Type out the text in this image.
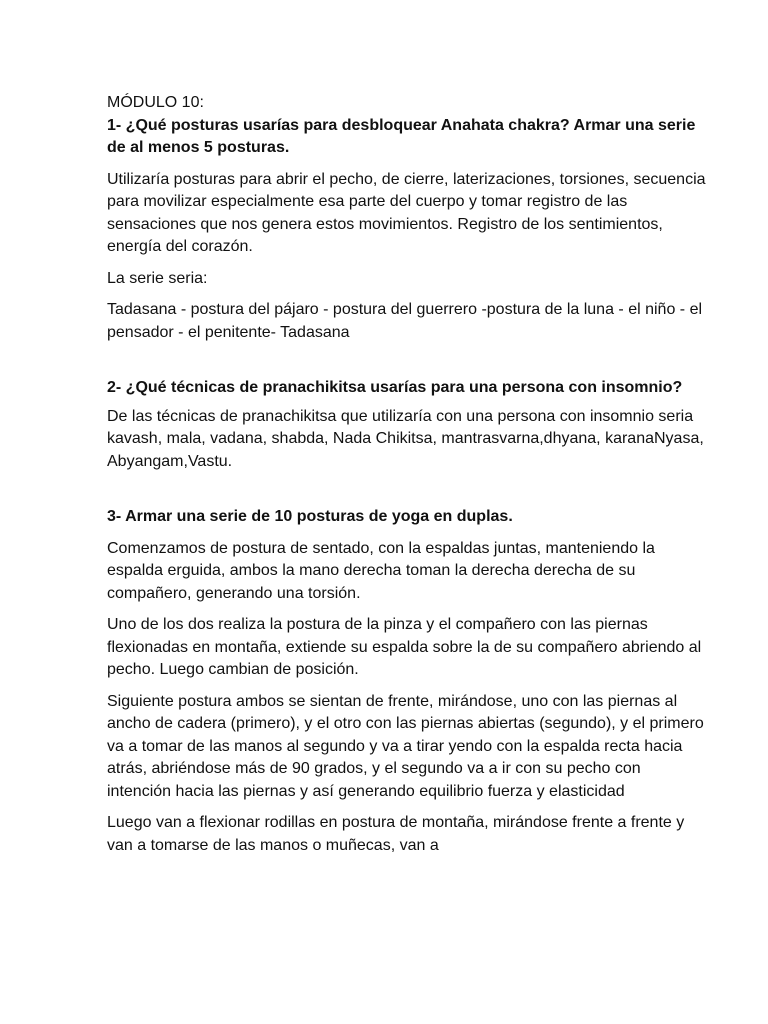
MÓDULO 10:

1- ¿Qué posturas usarías para desbloquear Anahata chakra? Armar una serie de al menos 5 posturas.

Utilizaría posturas para abrir el pecho, de cierre, laterizaciones, torsiones, secuencia para movilizar especialmente esa parte del cuerpo y tomar registro de las sensaciones que nos genera estos movimientos. Registro de los sentimientos, energía del corazón.

La serie seria:

Tadasana - postura del pájaro - postura del guerrero -postura de la luna - el niño - el pensador - el penitente- Tadasana

2- ¿Qué técnicas de pranachikitsa usarías para una persona con insomnio?

De las técnicas de pranachikitsa que utilizaría con una persona con insomnio seria kavash, mala, vadana, shabda, Nada Chikitsa, mantrasvarna,dhyana, karanaNyasa, Abyangam,Vastu.

3- Armar una serie de 10 posturas de yoga en duplas.

Comenzamos de postura de sentado, con la espaldas juntas, manteniendo la espalda erguida, ambos la mano derecha toman la derecha derecha de su compañero, generando una torsión.

Uno de los dos realiza la postura de la pinza y el compañero con las piernas flexionadas en montaña, extiende su espalda sobre la de su compañero abriendo al pecho. Luego cambian de posición.

Siguiente postura ambos se sientan de frente, mirándose, uno con las piernas al ancho de cadera (primero), y el otro con las piernas abiertas (segundo), y el primero va a tomar de las manos al segundo y va a tirar yendo con la espalda recta hacia atrás, abriéndose más de 90 grados, y el segundo va a ir con su pecho con intención hacia las piernas y así generando equilibrio fuerza y elasticidad

Luego van a flexionar rodillas en postura de montaña, mirándose frente a frente y van a tomarse de las manos o muñecas, van a
